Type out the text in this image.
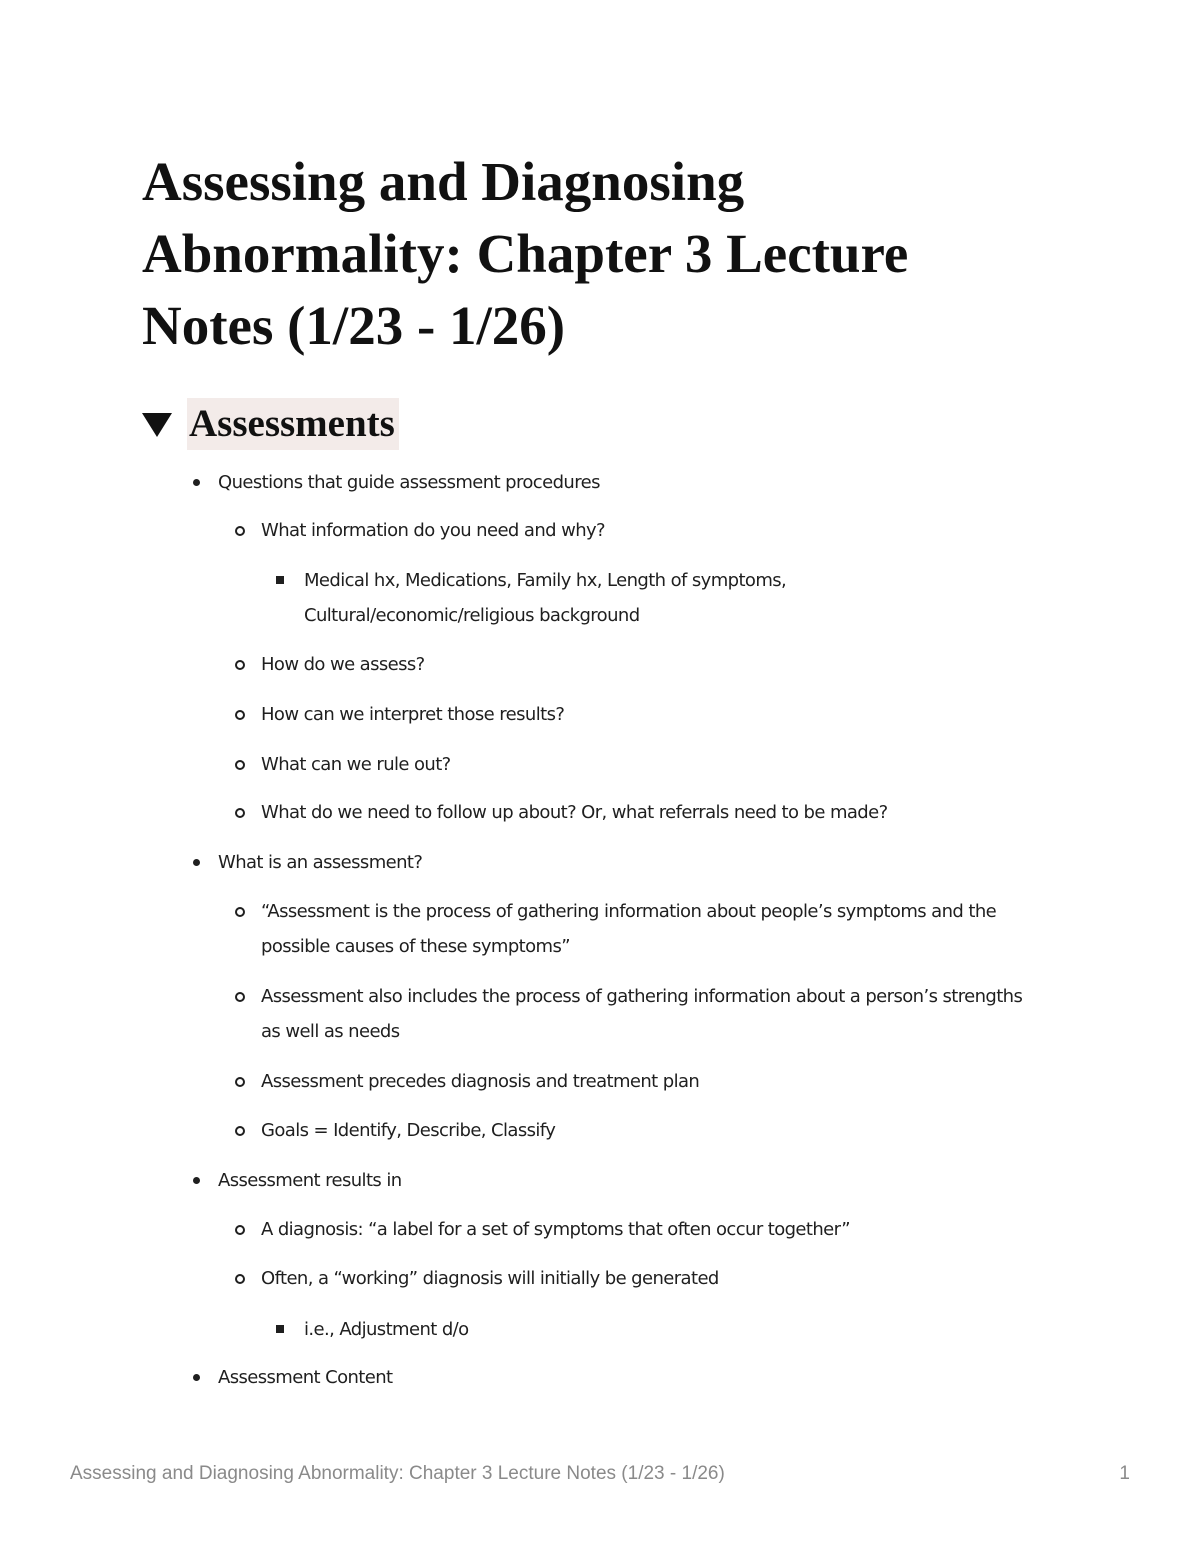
Assessing and Diagnosing Abnormality: Chapter 3 Lecture Notes (1/23 - 1/26)
Assessments
Questions that guide assessment procedures
What information do you need and why?
Medical hx, Medications, Family hx, Length of symptoms, Cultural/economic/religious background
How do we assess?
How can we interpret those results?
What can we rule out?
What do we need to follow up about? Or, what referrals need to be made?
What is an assessment?
“Assessment is the process of gathering information about people’s symptoms and the possible causes of these symptoms”
Assessment also includes the process of gathering information about a person’s strengths as well as needs
Assessment precedes diagnosis and treatment plan
Goals = Identify, Describe, Classify
Assessment results in
A diagnosis: “a label for a set of symptoms that often occur together”
Often, a “working” diagnosis will initially be generated
i.e., Adjustment d/o
Assessment Content
Assessing and Diagnosing Abnormality: Chapter 3 Lecture Notes (1/23 - 1/26)	1
